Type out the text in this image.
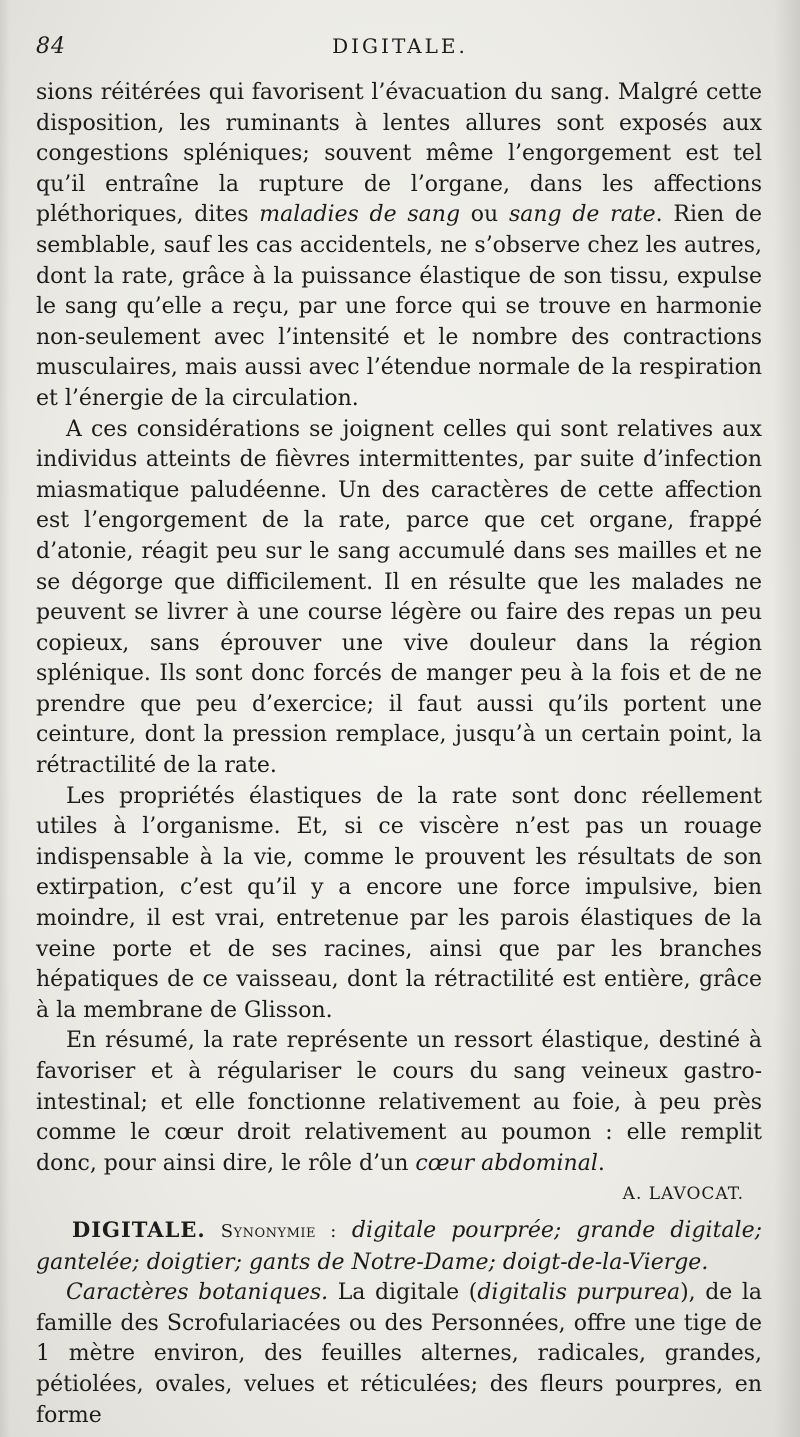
84	DIGITALE.

sions réitérées qui favorisent l’évacuation du sang. Malgré cette disposition, les ruminants à lentes allures sont exposés aux congestions spléniques; souvent même l’engorgement est tel qu’il entraîne la rupture de l’organe, dans les affections pléthoriques, dites maladies de sang ou sang de rate. Rien de semblable, sauf les cas accidentels, ne s’observe chez les autres, dont la rate, grâce à la puissance élastique de son tissu, expulse le sang qu’elle a reçu, par une force qui se trouve en harmonie non-seulement avec l’intensité et le nombre des contractions musculaires, mais aussi avec l’étendue normale de la respiration et l’énergie de la circulation.

A ces considérations se joignent celles qui sont relatives aux individus atteints de fièvres intermittentes, par suite d’infection miasmatique paludéenne. Un des caractères de cette affection est l’engorgement de la rate, parce que cet organe, frappé d’atonie, réagit peu sur le sang accumulé dans ses mailles et ne se dégorge que difficilement. Il en résulte que les malades ne peuvent se livrer à une course légère ou faire des repas un peu copieux, sans éprouver une vive douleur dans la région splénique. Ils sont donc forcés de manger peu à la fois et de ne prendre que peu d’exercice; il faut aussi qu’ils portent une ceinture, dont la pression remplace, jusqu’à un certain point, la rétractilité de la rate.

Les propriétés élastiques de la rate sont donc réellement utiles à l’organisme. Et, si ce viscère n’est pas un rouage indispensable à la vie, comme le prouvent les résultats de son extirpation, c’est qu’il y a encore une force impulsive, bien moindre, il est vrai, entretenue par les parois élastiques de la veine porte et de ses racines, ainsi que par les branches hépatiques de ce vaisseau, dont la rétractilité est entière, grâce à la membrane de Glisson.

En résumé, la rate représente un ressort élastique, destiné à favoriser et à régulariser le cours du sang veineux gastro-intestinal; et elle fonctionne relativement au foie, à peu près comme le cœur droit relativement au poumon : elle remplit donc, pour ainsi dire, le rôle d’un cœur abdominal.
A. LAVOCAT.

DIGITALE. Synonymie : digitale pourprée; grande digitale; gantelée; doigtier; gants de Notre-Dame; doigt-de-la-Vierge.

Caractères botaniques. La digitale (digitalis purpurea), de la famille des Scrofulariacées ou des Personnées, offre une tige de 1 mètre environ, des feuilles alternes, radicales, grandes, pétiolées, ovales, velues et réticulées; des fleurs pourpres, en forme
